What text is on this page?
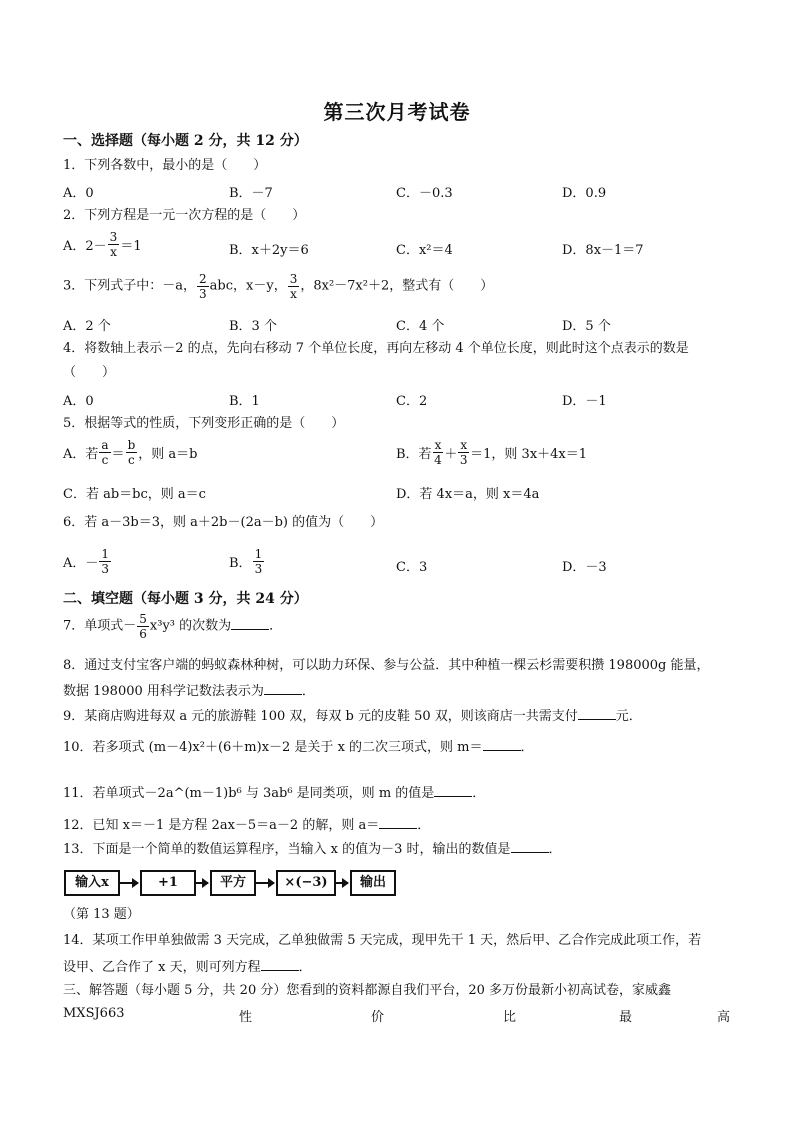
第三次月考试卷
一、选择题（每小题 2 分，共 12 分）
1．下列各数中，最小的是（　　）
A．0	B．－7	C．－0.3	D．0.9
2．下列方程是一元一次方程的是（　　）
A．$2- \frac{3}{x} =1$	B．x＋2y＝6	C．x²＝4	D．8x－1＝7
3．下列式子中：－a， $\frac{2}{3}$ abc，x－y， $\frac{3}{x}$ ，8x²－7x²＋2，整式有（　　）
A．2 个	B．3 个	C．4 个	D．5 个
4．将数轴上表示－2 的点，先向右移动 7 个单位长度，再向左移动 4 个单位长度，则此时这个点表示的数是
（　　）
A．0	B．1	C．2	D．－1
5．根据等式的性质，下列变形正确的是（　　）
A．若 $\frac{a}{c} = \frac{b}{c}$ ，则 a＝b	B．若 $\frac{x}{4} + \frac{x}{3} =1$，则 3x＋4x＝1
C．若 ab＝bc，则 a＝c	D．若 4x＝a，则 x＝4a
6．若 a－3b＝3，则 a＋2b－(2a－b) 的值为（　　）
A．－ $\frac{1}{3}$	B． $\frac{1}{3}$	C．3	D．－3
二、填空题（每小题 3 分，共 24 分）
7．单项式－ $\frac{5}{6} x^3y^3$ 的次数为	．
8．通过支付宝客户端的蚂蚁森林种树，可以助力环保、参与公益．其中种植一棵云杉需要积攒 198000g 能量，
数据 198000 用科学记数法表示为	．
9．某商店购进每双 a 元的旅游鞋 100 双，每双 b 元的皮鞋 50 双，则该商店一共需支付	元．
10．若多项式 (m－4)x²＋(6＋m)x－2 是关于 x 的二次三项式，则 m＝	．
11．若单项式－2a^(m－1)b⁶ 与 3ab⁶ 是同类项，则 m 的值是	．
12．已知 x＝－1 是方程 2ax－5＝a－2 的解，则 a＝	．
13．下面是一个简单的数值运算程序，当输入 x 的值为－3 时，输出的数值是	．
输入x	+1	平方	×(−3)	输出
（第 13 题）
14．某项工作甲单独做需 3 天完成，乙单独做需 5 天完成，现甲先干 1 天，然后甲、乙合作完成此项工作，若
设甲、乙合作了 x 天，则可列方程	．
三、解答题（每小题 5 分，共 20 分）您看到的资料都源自我们平台，20 多万份最新小初高试卷，家威鑫
MXSJ663	性	价	比	最	高
